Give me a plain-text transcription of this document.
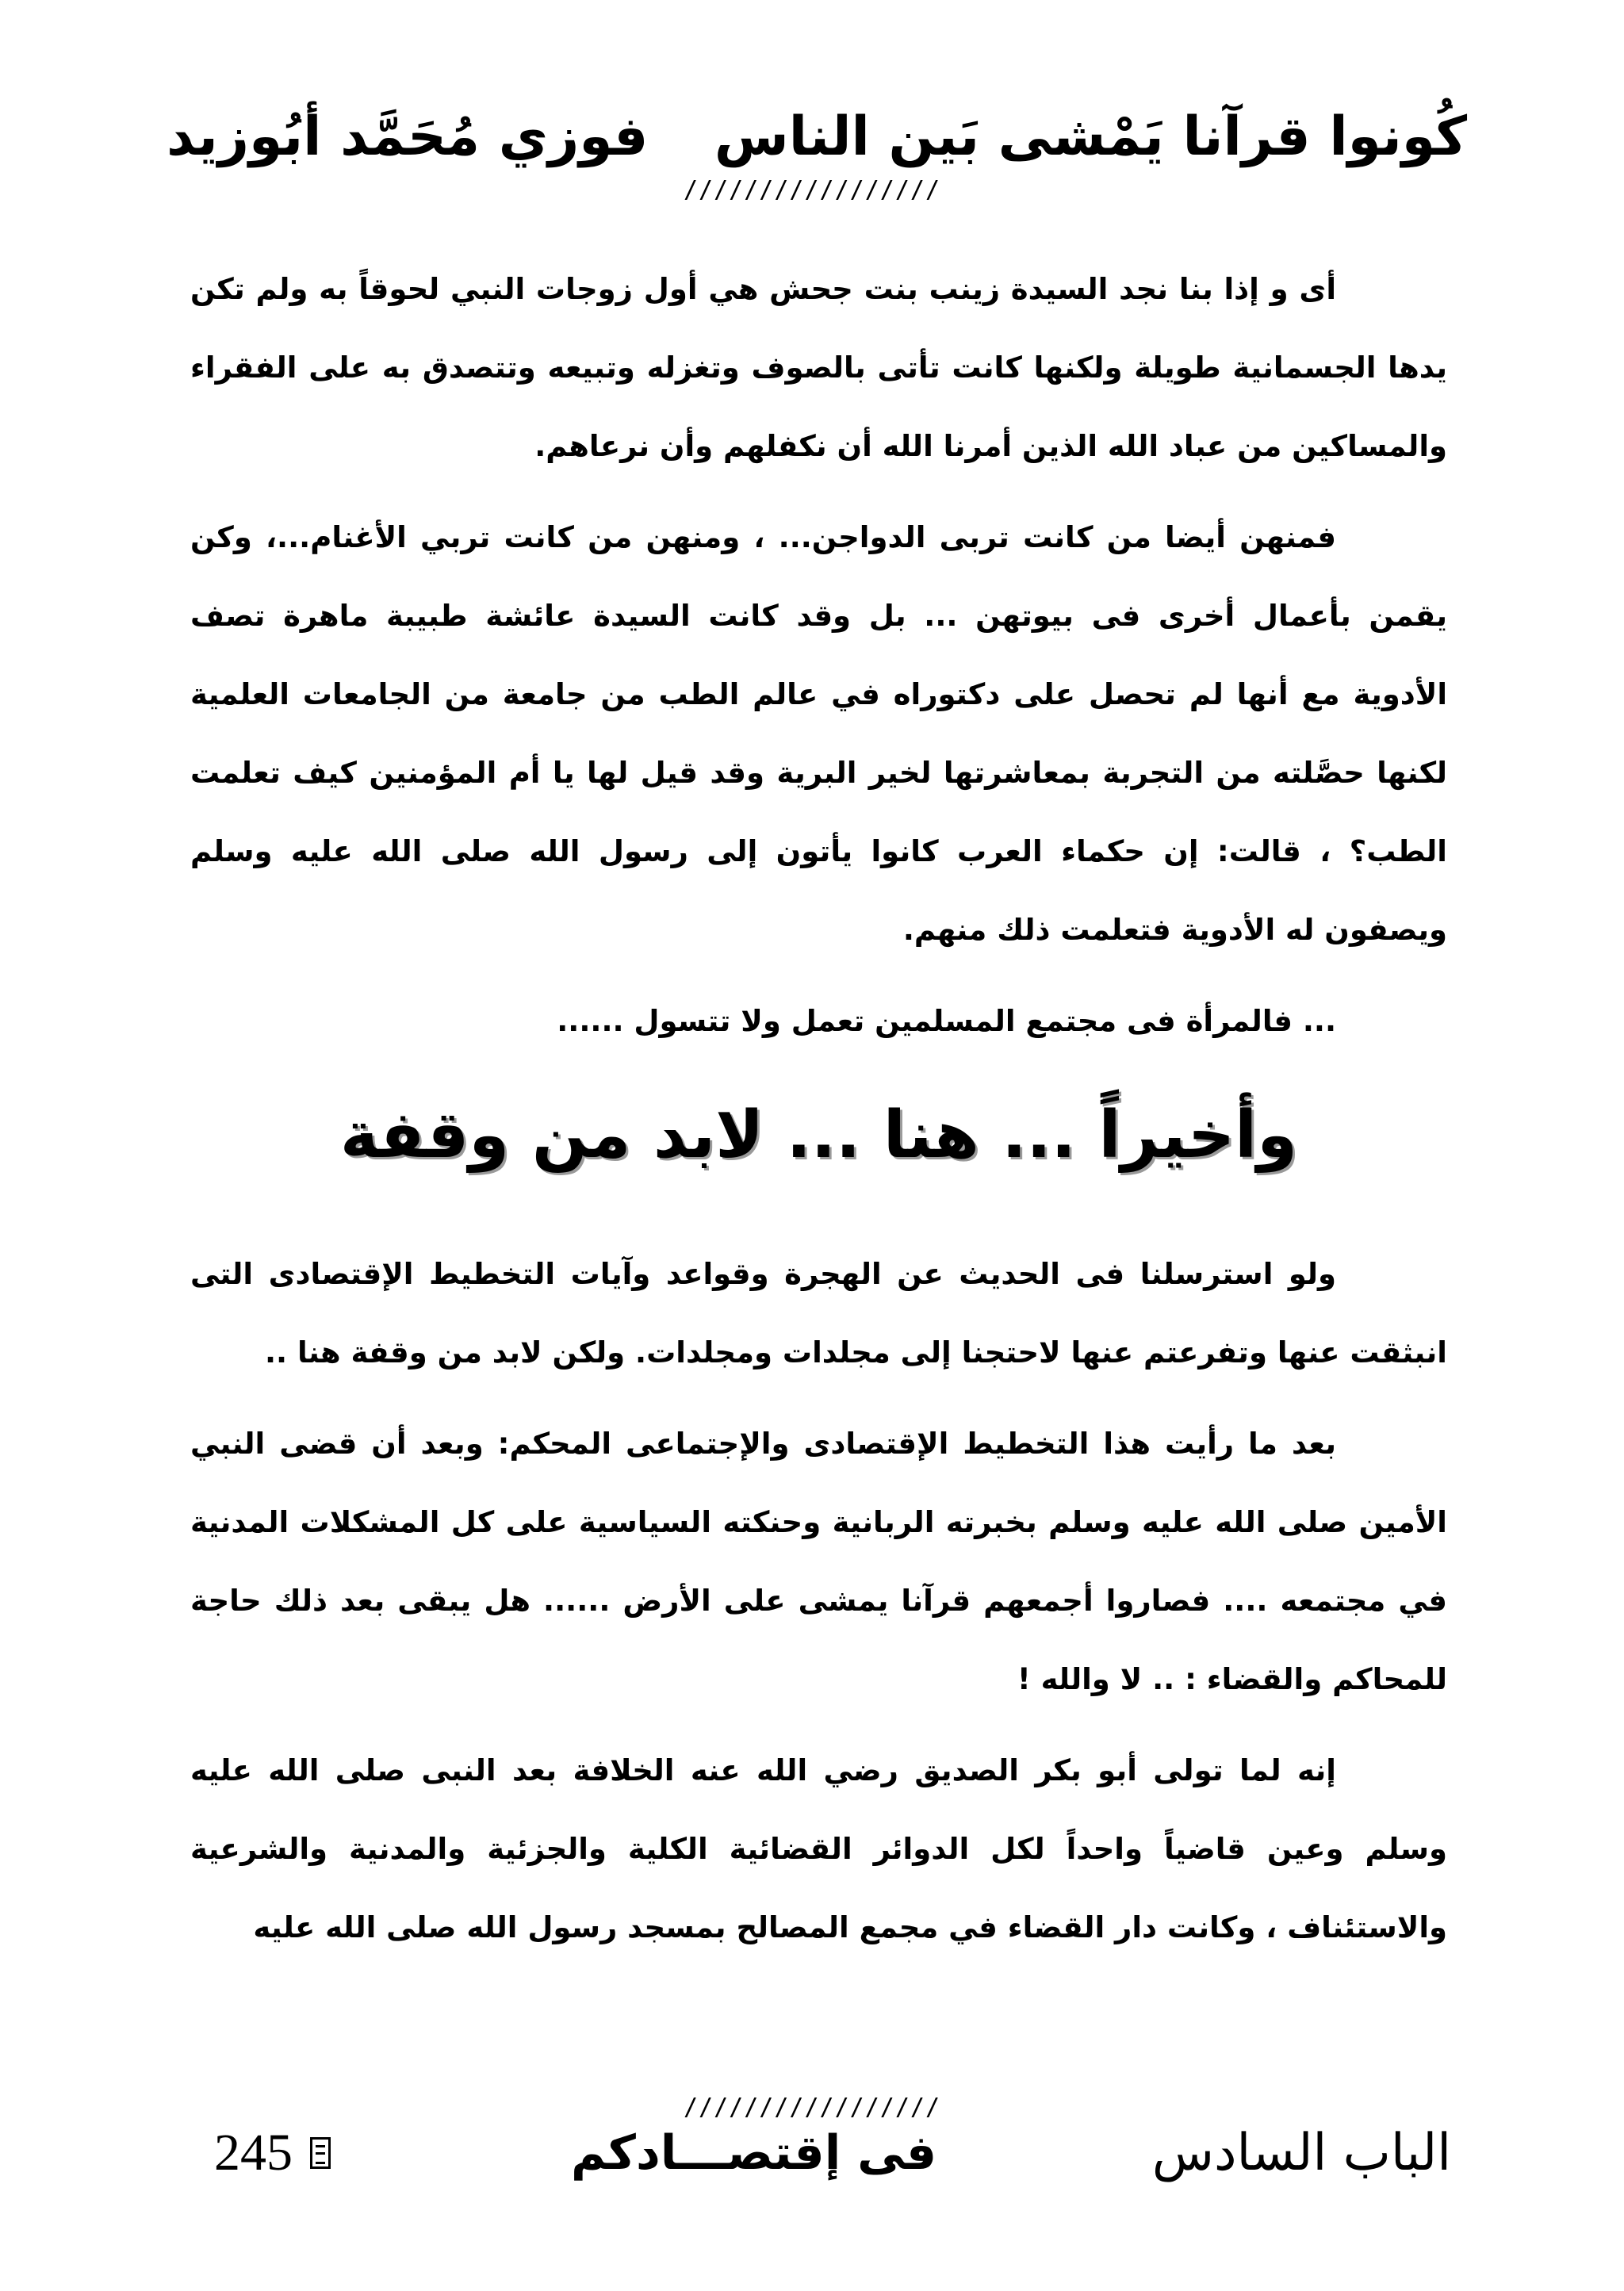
كُونوا قرآنا يَمْشى بَين الناس
فوزي مُحَمَّد أبُوزيد
/////////////////

أى و إذا بنا نجد السيدة زينب بنت جحش هي أول زوجات النبي لحوقاً به ولم تكن يدها الجسمانية طويلة ولكنها كانت تأتى بالصوف وتغزله وتبيعه وتتصدق به على الفقراء والمساكين من عباد الله الذين أمرنا الله أن نكفلهم وأن نرعاهم.

فمنهن أيضا من كانت تربى الدواجن... ، ومنهن من كانت تربي الأغنام...، وكن يقمن بأعمال أخرى فى بيوتهن ... بل وقد كانت السيدة عائشة طبيبة ماهرة تصف الأدوية مع أنها لم تحصل على دكتوراه في عالم الطب من جامعة من الجامعات العلمية لكنها حصَّلته من التجربة بمعاشرتها لخير البرية وقد قيل لها يا أم المؤمنين كيف تعلمت الطب؟ ، قالت: إن حكماء العرب كانوا يأتون إلى رسول الله صلى الله عليه وسلم ويصفون له الأدوية فتعلمت ذلك منهم.

... فالمرأة فى مجتمع المسلمين تعمل ولا تتسول ......

وأخيراً ... هنا ... لابد من وقفة

ولو استرسلنا فى الحديث عن الهجرة وقواعد وآيات التخطيط الإقتصادى التى انبثقت عنها وتفرعتم عنها لاحتجنا إلى مجلدات ومجلدات. ولكن لابد من وقفة هنا ..

بعد ما رأيت هذا التخطيط الإقتصادى والإجتماعى المحكم: وبعد أن قضى النبي الأمين صلى الله عليه وسلم بخبرته الربانية وحنكته السياسية على كل المشكلات المدنية في مجتمعه .... فصاروا أجمعهم قرآنا يمشى على الأرض ...... هل يبقى بعد ذلك حاجة للمحاكم والقضاء : .. لا والله !

إنه لما تولى أبو بكر الصديق رضي الله عنه الخلافة بعد النبى صلى الله عليه وسلم وعين قاضياً واحداً لكل الدوائر القضائية الكلية والجزئية والمدنية والشرعية والاستئناف ، وكانت دار القضاء في مجمع المصالح بمسجد رسول الله صلى الله عليه

/////////////////
245	فى إقتصـــادكم	الباب السادس
